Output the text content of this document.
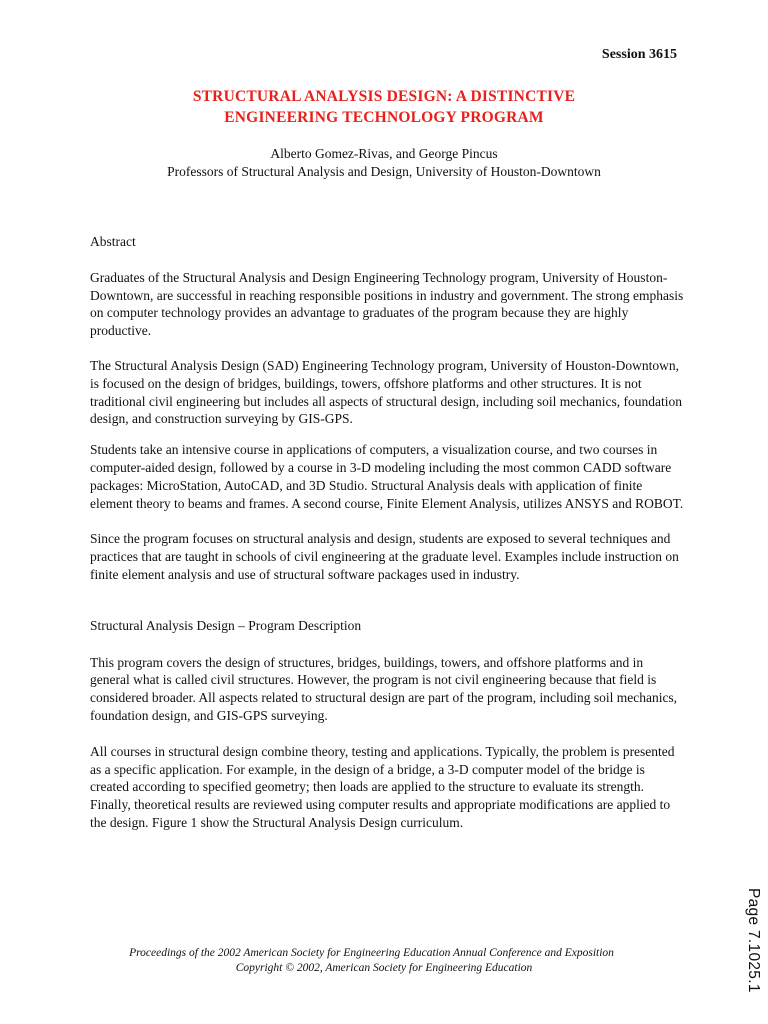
Session 3615
STRUCTURAL ANALYSIS DESIGN: A DISTINCTIVE
ENGINEERING TECHNOLOGY PROGRAM
Alberto Gomez-Rivas, and George Pincus
Professors of Structural Analysis and Design, University of Houston-Downtown

Abstract

Graduates of the Structural Analysis and Design Engineering Technology program, University of Houston-Downtown, are successful in reaching responsible positions in industry and government. The strong emphasis on computer technology provides an advantage to graduates of the program because they are highly productive.

The Structural Analysis Design (SAD) Engineering Technology program, University of Houston-Downtown, is focused on the design of bridges, buildings, towers, offshore platforms and other structures. It is not traditional civil engineering but includes all aspects of structural design, including soil mechanics, foundation design, and construction surveying by GIS-GPS.

Students take an intensive course in applications of computers, a visualization course, and two courses in computer-aided design, followed by a course in 3-D modeling including the most common CADD software packages: MicroStation, AutoCAD, and 3D Studio. Structural Analysis deals with application of finite element theory to beams and frames. A second course, Finite Element Analysis, utilizes ANSYS and ROBOT.

Since the program focuses on structural analysis and design, students are exposed to several techniques and practices that are taught in schools of civil engineering at the graduate level. Examples include instruction on finite element analysis and use of structural software packages used in industry.

Structural Analysis Design – Program Description

This program covers the design of structures, bridges, buildings, towers, and offshore platforms and in general what is called civil structures. However, the program is not civil engineering because that field is considered broader. All aspects related to structural design are part of the program, including soil mechanics, foundation design, and GIS-GPS surveying.

All courses in structural design combine theory, testing and applications. Typically, the problem is presented as a specific application. For example, in the design of a bridge, a 3-D computer model of the bridge is created according to specified geometry; then loads are applied to the structure to evaluate its strength. Finally, theoretical results are reviewed using computer results and appropriate modifications are applied to the design. Figure 1 show the Structural Analysis Design curriculum.

Proceedings of the 2002 American Society for Engineering Education Annual Conference and Exposition
Copyright © 2002, American Society for Engineering Education	Page 7.1025.1
